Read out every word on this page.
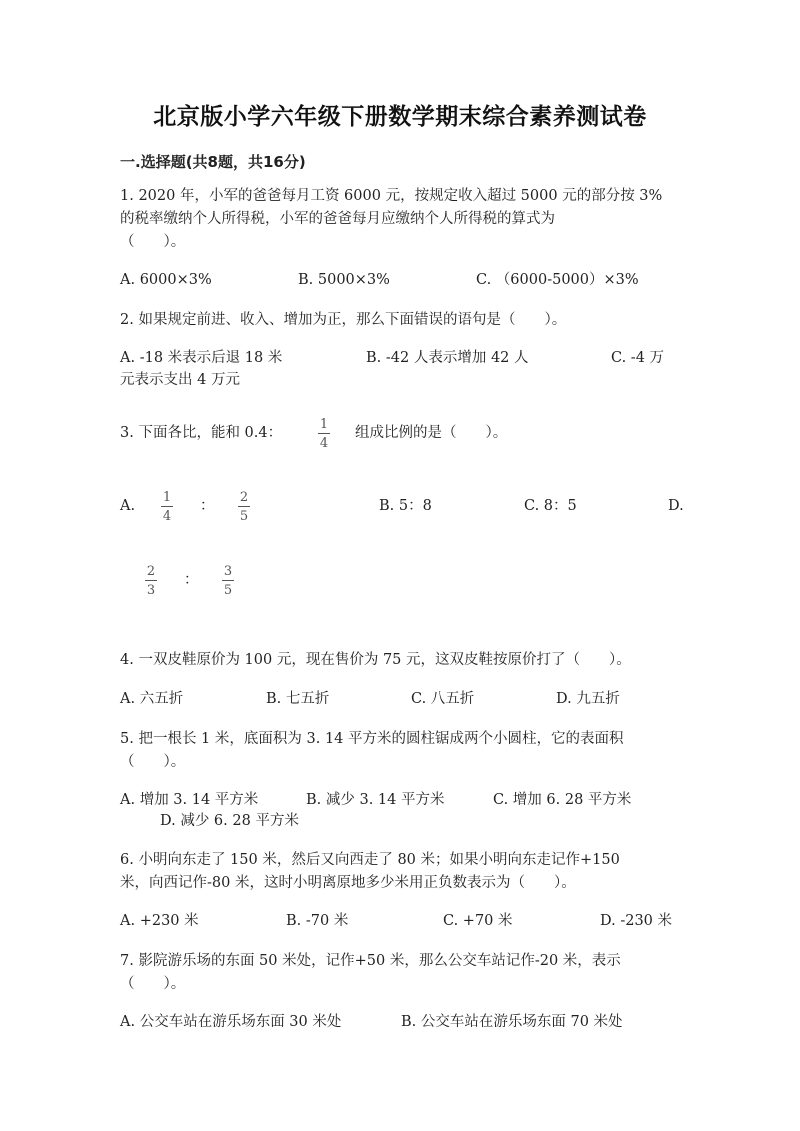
北京版小学六年级下册数学期末综合素养测试卷
一.选择题(共8题，共16分)
1. 2020 年，小军的爸爸每月工资 6000 元，按规定收入超过 5000 元的部分按 3%
的税率缴纳个人所得税，小军的爸爸每月应缴纳个人所得税的算式为
（　　）。
A. 6000×3%	B. 5000×3%	C. （6000-5000）×3%
2. 如果规定前进、收入、增加为正，那么下面错误的语句是（　　）。
A. -18 米表示后退 18 米	B. -42 人表示增加 42 人	C. -4 万
元表示支出 4 万元
3. 下面各比，能和 0.4：
1
4
组成比例的是（　　）。
A.
1
4
：
2
5
B. 5：8	C. 8：5	D.
2
3
：
3
5
4. 一双皮鞋原价为 100 元，现在售价为 75 元，这双皮鞋按原价打了（　　）。
A. 六五折	B. 七五折	C. 八五折	D. 九五折
5. 把一根长 1 米，底面积为 3. 14 平方米的圆柱锯成两个小圆柱，它的表面积
（　　）。
A. 增加 3. 14 平方米	B. 减少 3. 14 平方米	C. 增加 6. 28 平方米
D. 减少 6. 28 平方米
6. 小明向东走了 150 米，然后又向西走了 80 米；如果小明向东走记作+150
米，向西记作-80 米，这时小明离原地多少米用正负数表示为（　　）。
A. +230 米	B. -70 米	C. +70 米	D. -230 米
7. 影院游乐场的东面 50 米处，记作+50 米，那么公交车站记作-20 米，表示
（　　）。
A. 公交车站在游乐场东面 30 米处	B. 公交车站在游乐场东面 70 米处
